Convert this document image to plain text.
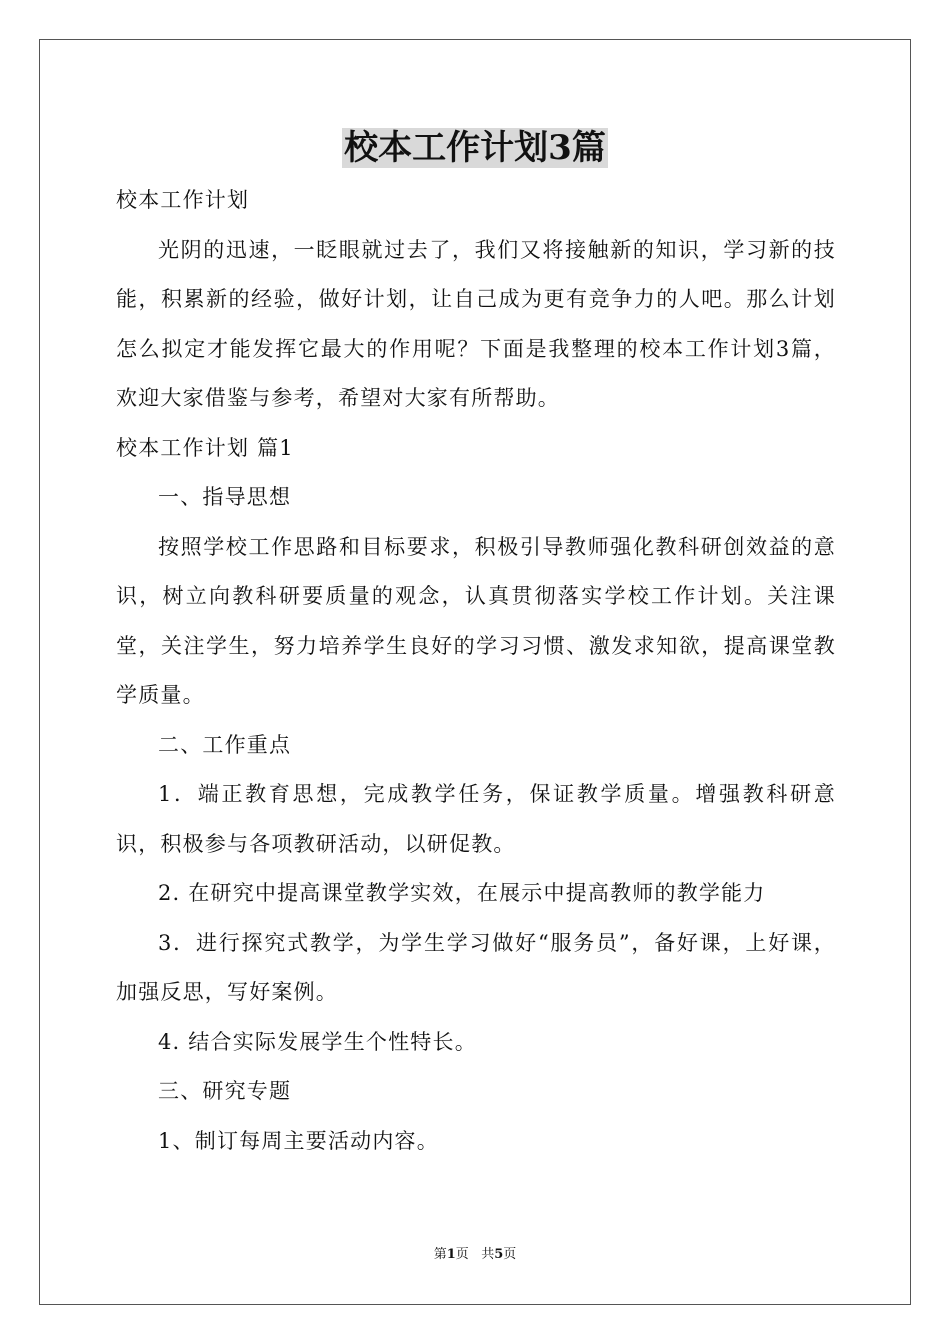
校本工作计划3篇

校本工作计划

光阴的迅速，一眨眼就过去了，我们又将接触新的知识，学习新的技能，积累新的经验，做好计划，让自己成为更有竞争力的人吧。那么计划怎么拟定才能发挥它最大的作用呢？下面是我整理的校本工作计划3篇，欢迎大家借鉴与参考，希望对大家有所帮助。

校本工作计划 篇1

一、指导思想

按照学校工作思路和目标要求，积极引导教师强化教科研创效益的意识，树立向教科研要质量的观念，认真贯彻落实学校工作计划。关注课堂，关注学生，努力培养学生良好的学习习惯、激发求知欲，提高课堂教学质量。

二、工作重点

1．端正教育思想，完成教学任务，保证教学质量。增强教科研意识，积极参与各项教研活动，以研促教。

2. 在研究中提高课堂教学实效，在展示中提高教师的教学能力

3．进行探究式教学，为学生学习做好“服务员”，备好课，上好课，加强反思，写好案例。

4. 结合实际发展学生个性特长。

三、研究专题

1、制订每周主要活动内容。

第1页 共5页
